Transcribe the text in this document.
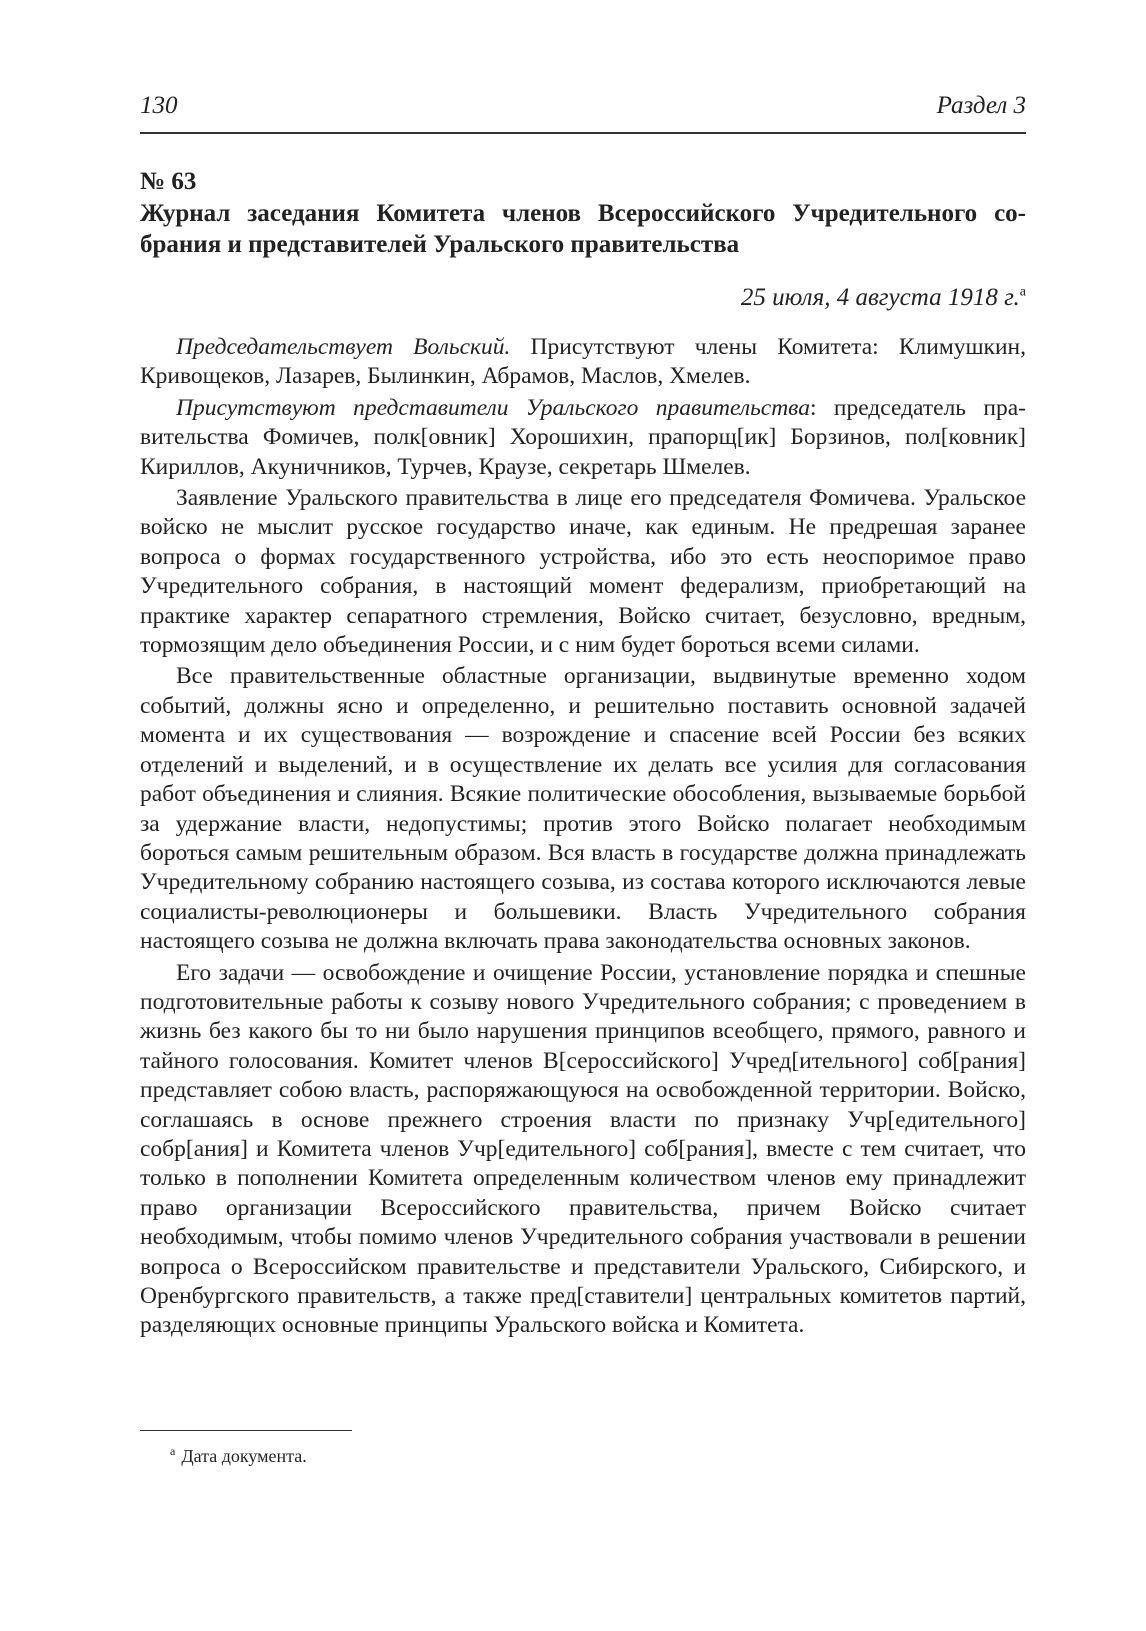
130	Раздел 3
№ 63
Журнал заседания Комитета членов Всероссийского Учредительного собрания и представителей Уральского правительства
25 июля, 4 августа 1918 г.$^а$

Председательствует Вольский. Присутствуют члены Комитета: Климушкин, Кривощеков, Лазарев, Былинкин, Абрамов, Маслов, Хмелев.

Присутствуют представители Уральского правительства: председатель правительства Фомичев, полк[овник] Хорошихин, прапорщ[ик] Борзинов, пол[ковник] Кириллов, Акуничников, Турчев, Краузе, секретарь Шмелев.

Заявление Уральского правительства в лице его председателя Фомичева. Уральское войско не мыслит русское государство иначе, как единым. Не предрешая заранее вопроса о формах государственного устройства, ибо это есть неоспоримое право Учредительного собрания, в настоящий момент федерализм, приобретающий на практике характер сепаратного стремления, Войско считает, безусловно, вредным, тормозящим дело объединения России, и с ним будет бороться всеми силами.

Все правительственные областные организации, выдвинутые временно ходом событий, должны ясно и определенно, и решительно поставить основной задачей момента и их существования — возрождение и спасение всей России без всяких отделений и выделений, и в осуществление их делать все усилия для согласования работ объединения и слияния. Всякие политические обособления, вызываемые борьбой за удержание власти, недопустимы; против этого Войско полагает необходимым бороться самым решительным образом. Вся власть в государстве должна принадлежать Учредительному собранию настоящего созыва, из состава которого исключаются левые социалисты-революционеры и большевики. Власть Учредительного собрания настоящего созыва не должна включать права законодательства основных законов.

Его задачи — освобождение и очищение России, установление порядка и спешные подготовительные работы к созыву нового Учредительного собрания; с проведением в жизнь без какого бы то ни было нарушения принципов всеобщего, прямого, равного и тайного голосования. Комитет членов В[сероссийского] Учред[ительного] соб[рания] представляет собою власть, распоряжающуюся на освобожденной территории. Войско, соглашаясь в основе прежнего строения власти по признаку Учр[едительного] собр[ания] и Комитета членов Учр[едительного] соб[рания], вместе с тем считает, что только в пополнении Комитета определенным количеством членов ему принадлежит право организации Всероссийского правительства, причем Войско считает необходимым, чтобы помимо членов Учредительного собрания участвовали в решении вопроса о Всероссийском правительстве и представители Уральского, Сибирского, и Оренбургского правительств, а также пред[ставители] центральных комитетов партий, разделяющих основные принципы Уральского войска и Комитета.

$^а$ Дата документа.
